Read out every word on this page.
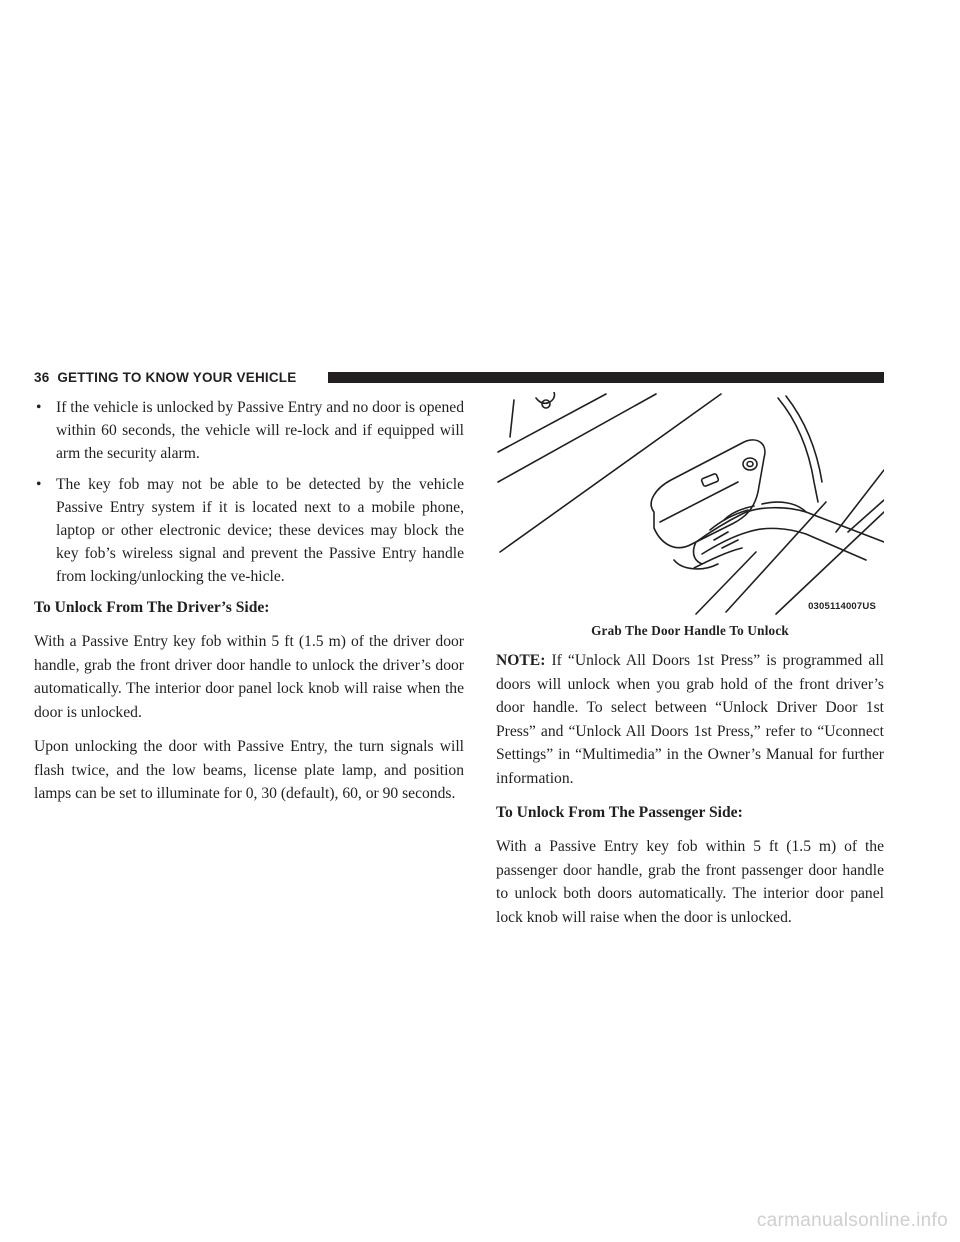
36 GETTING TO KNOW YOUR VEHICLE
• If the vehicle is unlocked by Passive Entry and no door is opened within 60 seconds, the vehicle will re-lock and if equipped will arm the security alarm.
• The key fob may not be able to be detected by the vehicle Passive Entry system if it is located next to a mobile phone, laptop or other electronic device; these devices may block the key fob’s wireless signal and prevent the Passive Entry handle from locking/unlocking the ve-hicle.
To Unlock From The Driver’s Side:

With a Passive Entry key fob within 5 ft (1.5 m) of the driver door handle, grab the front driver door handle to unlock the driver’s door automatically. The interior door panel lock knob will raise when the door is unlocked.

Upon unlocking the door with Passive Entry, the turn signals will flash twice, and the low beams, license plate lamp, and position lamps can be set to illuminate for 0, 30 (default), 60, or 90 seconds.

0305114007US
Grab The Door Handle To Unlock

NOTE: If “Unlock All Doors 1st Press” is programmed all doors will unlock when you grab hold of the front driver’s door handle. To select between “Unlock Driver Door 1st Press” and “Unlock All Doors 1st Press,” refer to “Uconnect Settings” in “Multimedia” in the Owner’s Manual for further information.

To Unlock From The Passenger Side:

With a Passive Entry key fob within 5 ft (1.5 m) of the passenger door handle, grab the front passenger door handle to unlock both doors automatically. The interior door panel lock knob will raise when the door is unlocked.

carmanualsonline.info
